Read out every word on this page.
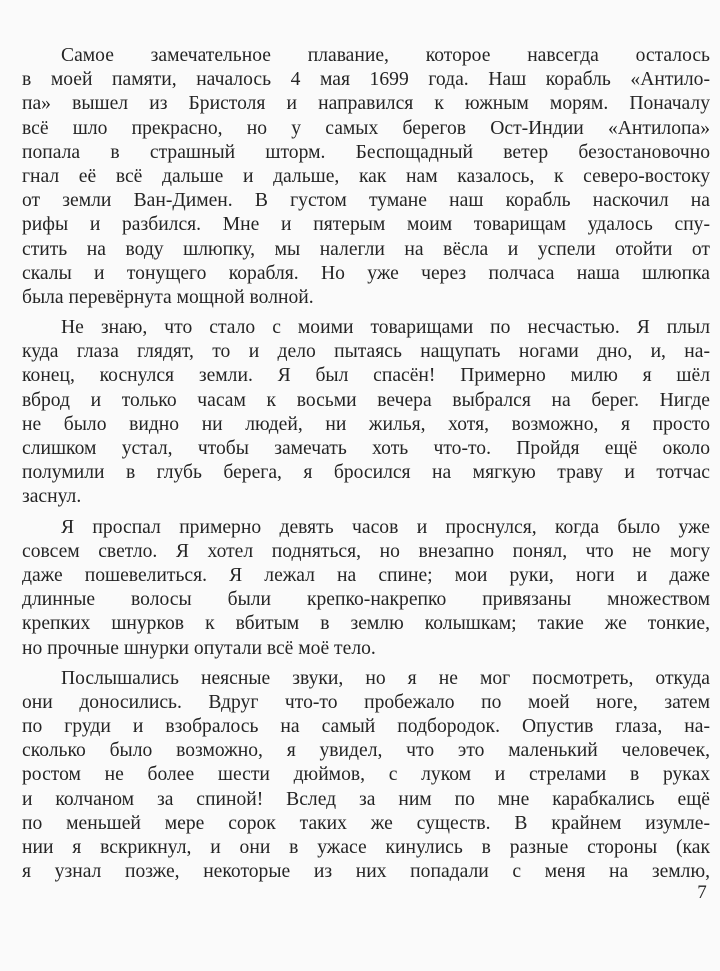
Самое замечательное плавание, которое навсегда осталось
в моей памяти, началось 4 мая 1699 года. Наш корабль «Антило-
па» вышел из Бристоля и направился к южным морям. Поначалу
всё шло прекрасно, но у самых берегов Ост-Индии «Антилопа»
попала в страшный шторм. Беспощадный ветер безостановочно
гнал её всё дальше и дальше, как нам казалось, к северо-востоку
от земли Ван-Димен. В густом тумане наш корабль наскочил на
рифы и разбился. Мне и пятерым моим товарищам удалось спу-
стить на воду шлюпку, мы налегли на вёсла и успели отойти от
скалы и тонущего корабля. Но уже через полчаса наша шлюпка
была перевёрнута мощной волной.
Не знаю, что стало с моими товарищами по несчастью. Я плыл
куда глаза глядят, то и дело пытаясь нащупать ногами дно, и, на-
конец, коснулся земли. Я был спасён! Примерно милю я шёл
вброд и только часам к восьми вечера выбрался на берег. Нигде
не было видно ни людей, ни жилья, хотя, возможно, я просто
слишком устал, чтобы замечать хоть что-то. Пройдя ещё около
полумили в глубь берега, я бросился на мягкую траву и тотчас
заснул.
Я проспал примерно девять часов и проснулся, когда было уже
совсем светло. Я хотел подняться, но внезапно понял, что не могу
даже пошевелиться. Я лежал на спине; мои руки, ноги и даже
длинные волосы были крепко-накрепко привязаны множеством
крепких шнурков к вбитым в землю колышкам; такие же тонкие,
но прочные шнурки опутали всё моё тело.
Послышались неясные звуки, но я не мог посмотреть, откуда
они доносились. Вдруг что-то пробежало по моей ноге, затем
по груди и взобралось на самый подбородок. Опустив глаза, на-
сколько было возможно, я увидел, что это маленький человечек,
ростом не более шести дюймов, с луком и стрелами в руках
и колчаном за спиной! Вслед за ним по мне карабкались ещё
по меньшей мере сорок таких же существ. В крайнем изумле-
нии я вскрикнул, и они в ужасе кинулись в разные стороны (как
я узнал позже, некоторые из них попадали с меня на землю,
7
